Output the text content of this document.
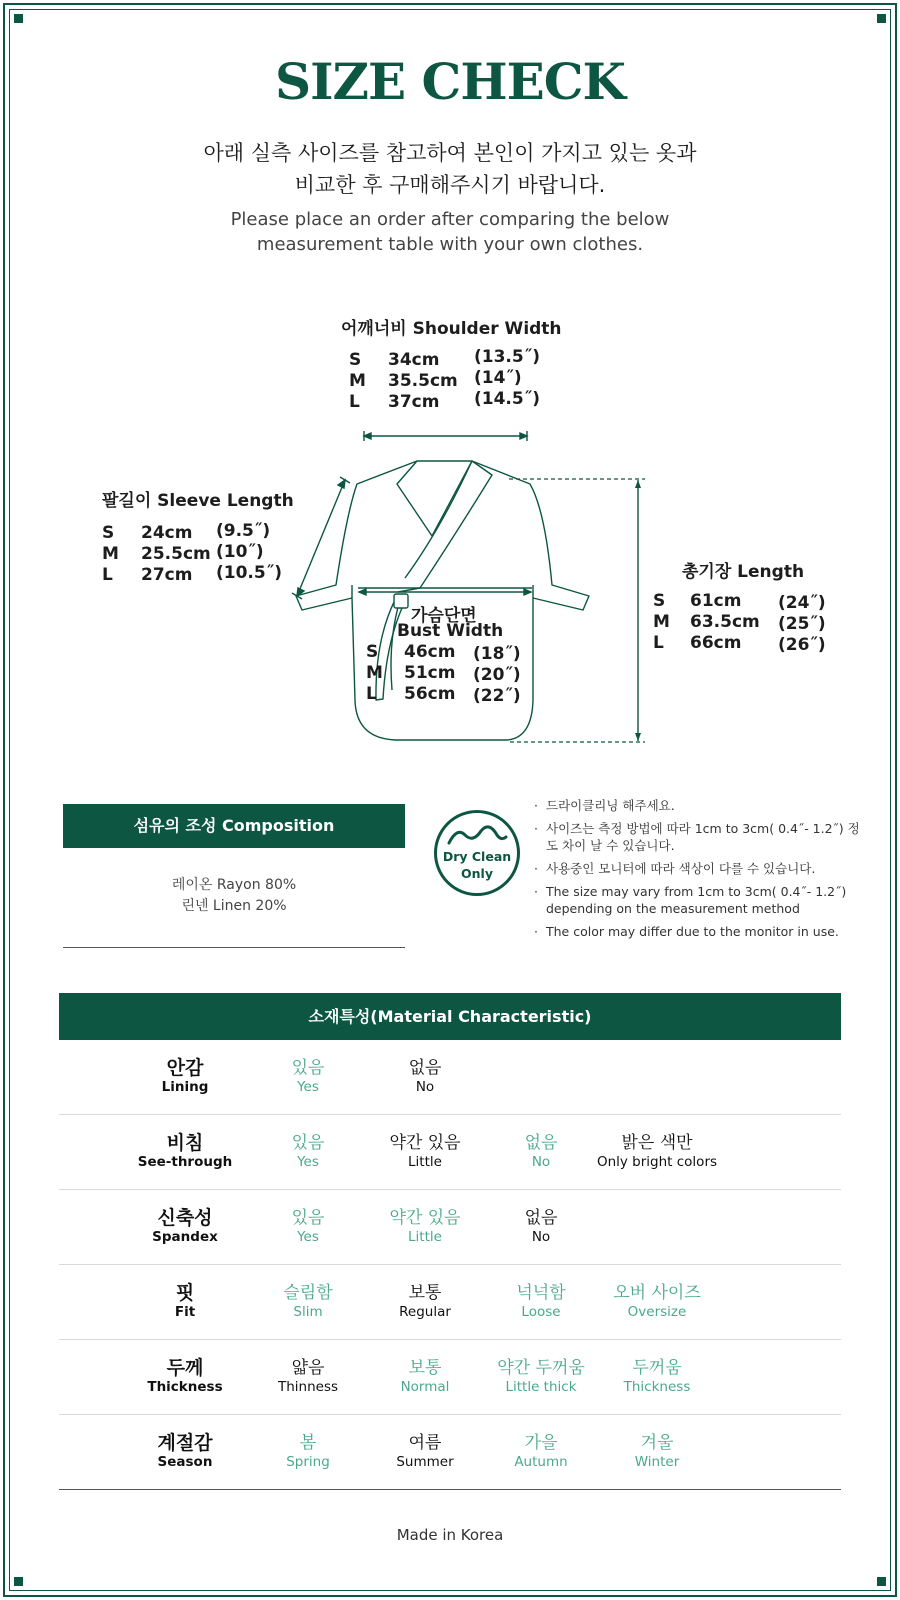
SIZE CHECK
아래 실측 사이즈를 참고하여 본인이 가지고 있는 옷과
비교한 후 구매해주시기 바랍니다.
Please place an order after comparing the below
measurement table with your own clothes.
어깨너비 Shoulder Width
S 34cm (13.5˝)
M 35.5cm (14˝)
L 37cm (14.5˝)
팔길이 Sleeve Length
S 24cm (9.5˝)
M 25.5cm (10˝)
L 27cm (10.5˝)
가슴단면
Bust Width
S 46cm (18˝)
M 51cm (20˝)
L 56cm (22˝)
총기장 Length
S 61cm (24˝)
M 63.5cm (25˝)
L 66cm (26˝)
섬유의 조성 Composition
레이온 Rayon 80%
린넨 Linen 20%
Dry Clean
Only
· 드라이클리닝 해주세요.
· 사이즈는 측정 방법에 따라 1cm to 3cm( 0.4˝- 1.2˝) 정도 차이 날 수 있습니다.
· 사용중인 모니터에 따라 색상이 다를 수 있습니다.
· The size may vary from 1cm to 3cm( 0.4˝- 1.2˝) depending on the measurement method
· The color may differ due to the monitor in use.
소재특성(Material Characteristic)
안감
Lining
있음
Yes
없음
No
비침
See-through
있음
Yes
약간 있음
Little
없음
No
밝은 색만
Only bright colors
신축성
Spandex
있음
Yes
약간 있음
Little
없음
No
핏
Fit
슬림함
Slim
보통
Regular
넉넉함
Loose
오버 사이즈
Oversize
두께
Thickness
얇음
Thinness
보통
Normal
약간 두꺼움
Little thick
두꺼움
Thickness
계절감
Season
봄
Spring
여름
Summer
가을
Autumn
겨울
Winter
Made in Korea
